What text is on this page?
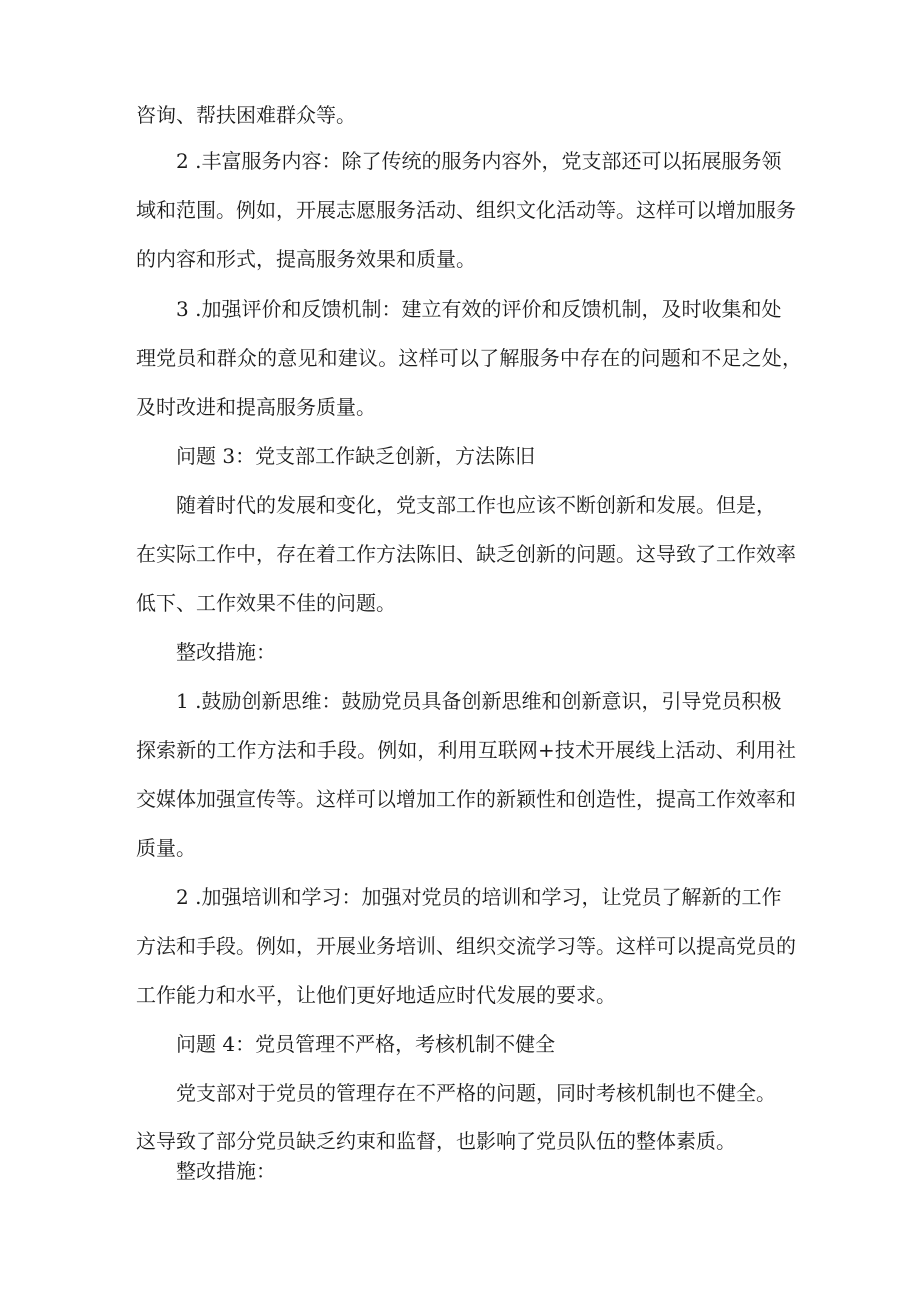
咨询、帮扶困难群众等。
2 .丰富服务内容：除了传统的服务内容外，党支部还可以拓展服务领
域和范围。例如，开展志愿服务活动、组织文化活动等。这样可以增加服务
的内容和形式，提高服务效果和质量。
3 .加强评价和反馈机制：建立有效的评价和反馈机制，及时收集和处
理党员和群众的意见和建议。这样可以了解服务中存在的问题和不足之处，
及时改进和提高服务质量。
问题 3：党支部工作缺乏创新，方法陈旧
随着时代的发展和变化，党支部工作也应该不断创新和发展。但是，
在实际工作中，存在着工作方法陈旧、缺乏创新的问题。这导致了工作效率
低下、工作效果不佳的问题。
整改措施：
1 .鼓励创新思维：鼓励党员具备创新思维和创新意识，引导党员积极
探索新的工作方法和手段。例如，利用互联网+技术开展线上活动、利用社
交媒体加强宣传等。这样可以增加工作的新颖性和创造性，提高工作效率和
质量。
2 .加强培训和学习：加强对党员的培训和学习，让党员了解新的工作
方法和手段。例如，开展业务培训、组织交流学习等。这样可以提高党员的
工作能力和水平，让他们更好地适应时代发展的要求。
问题 4：党员管理不严格，考核机制不健全
党支部对于党员的管理存在不严格的问题，同时考核机制也不健全。
这导致了部分党员缺乏约束和监督，也影响了党员队伍的整体素质。
整改措施：
